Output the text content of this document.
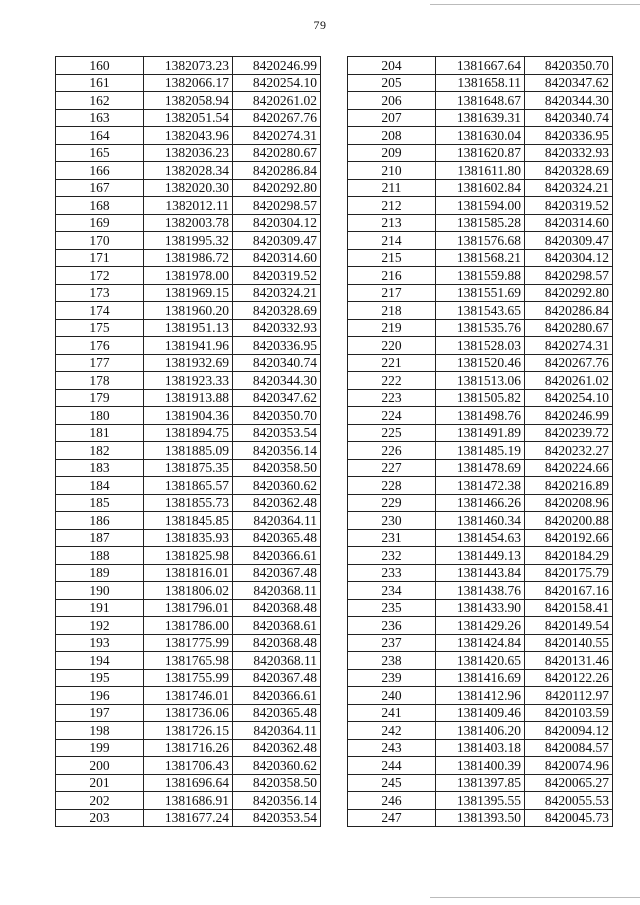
79
160	1382073.23	8420246.99
161	1382066.17	8420254.10
162	1382058.94	8420261.02
163	1382051.54	8420267.76
164	1382043.96	8420274.31
165	1382036.23	8420280.67
166	1382028.34	8420286.84
167	1382020.30	8420292.80
168	1382012.11	8420298.57
169	1382003.78	8420304.12
170	1381995.32	8420309.47
171	1381986.72	8420314.60
172	1381978.00	8420319.52
173	1381969.15	8420324.21
174	1381960.20	8420328.69
175	1381951.13	8420332.93
176	1381941.96	8420336.95
177	1381932.69	8420340.74
178	1381923.33	8420344.30
179	1381913.88	8420347.62
180	1381904.36	8420350.70
181	1381894.75	8420353.54
182	1381885.09	8420356.14
183	1381875.35	8420358.50
184	1381865.57	8420360.62
185	1381855.73	8420362.48
186	1381845.85	8420364.11
187	1381835.93	8420365.48
188	1381825.98	8420366.61
189	1381816.01	8420367.48
190	1381806.02	8420368.11
191	1381796.01	8420368.48
192	1381786.00	8420368.61
193	1381775.99	8420368.48
194	1381765.98	8420368.11
195	1381755.99	8420367.48
196	1381746.01	8420366.61
197	1381736.06	8420365.48
198	1381726.15	8420364.11
199	1381716.26	8420362.48
200	1381706.43	8420360.62
201	1381696.64	8420358.50
202	1381686.91	8420356.14
203	1381677.24	8420353.54
204	1381667.64	8420350.70
205	1381658.11	8420347.62
206	1381648.67	8420344.30
207	1381639.31	8420340.74
208	1381630.04	8420336.95
209	1381620.87	8420332.93
210	1381611.80	8420328.69
211	1381602.84	8420324.21
212	1381594.00	8420319.52
213	1381585.28	8420314.60
214	1381576.68	8420309.47
215	1381568.21	8420304.12
216	1381559.88	8420298.57
217	1381551.69	8420292.80
218	1381543.65	8420286.84
219	1381535.76	8420280.67
220	1381528.03	8420274.31
221	1381520.46	8420267.76
222	1381513.06	8420261.02
223	1381505.82	8420254.10
224	1381498.76	8420246.99
225	1381491.89	8420239.72
226	1381485.19	8420232.27
227	1381478.69	8420224.66
228	1381472.38	8420216.89
229	1381466.26	8420208.96
230	1381460.34	8420200.88
231	1381454.63	8420192.66
232	1381449.13	8420184.29
233	1381443.84	8420175.79
234	1381438.76	8420167.16
235	1381433.90	8420158.41
236	1381429.26	8420149.54
237	1381424.84	8420140.55
238	1381420.65	8420131.46
239	1381416.69	8420122.26
240	1381412.96	8420112.97
241	1381409.46	8420103.59
242	1381406.20	8420094.12
243	1381403.18	8420084.57
244	1381400.39	8420074.96
245	1381397.85	8420065.27
246	1381395.55	8420055.53
247	1381393.50	8420045.73
